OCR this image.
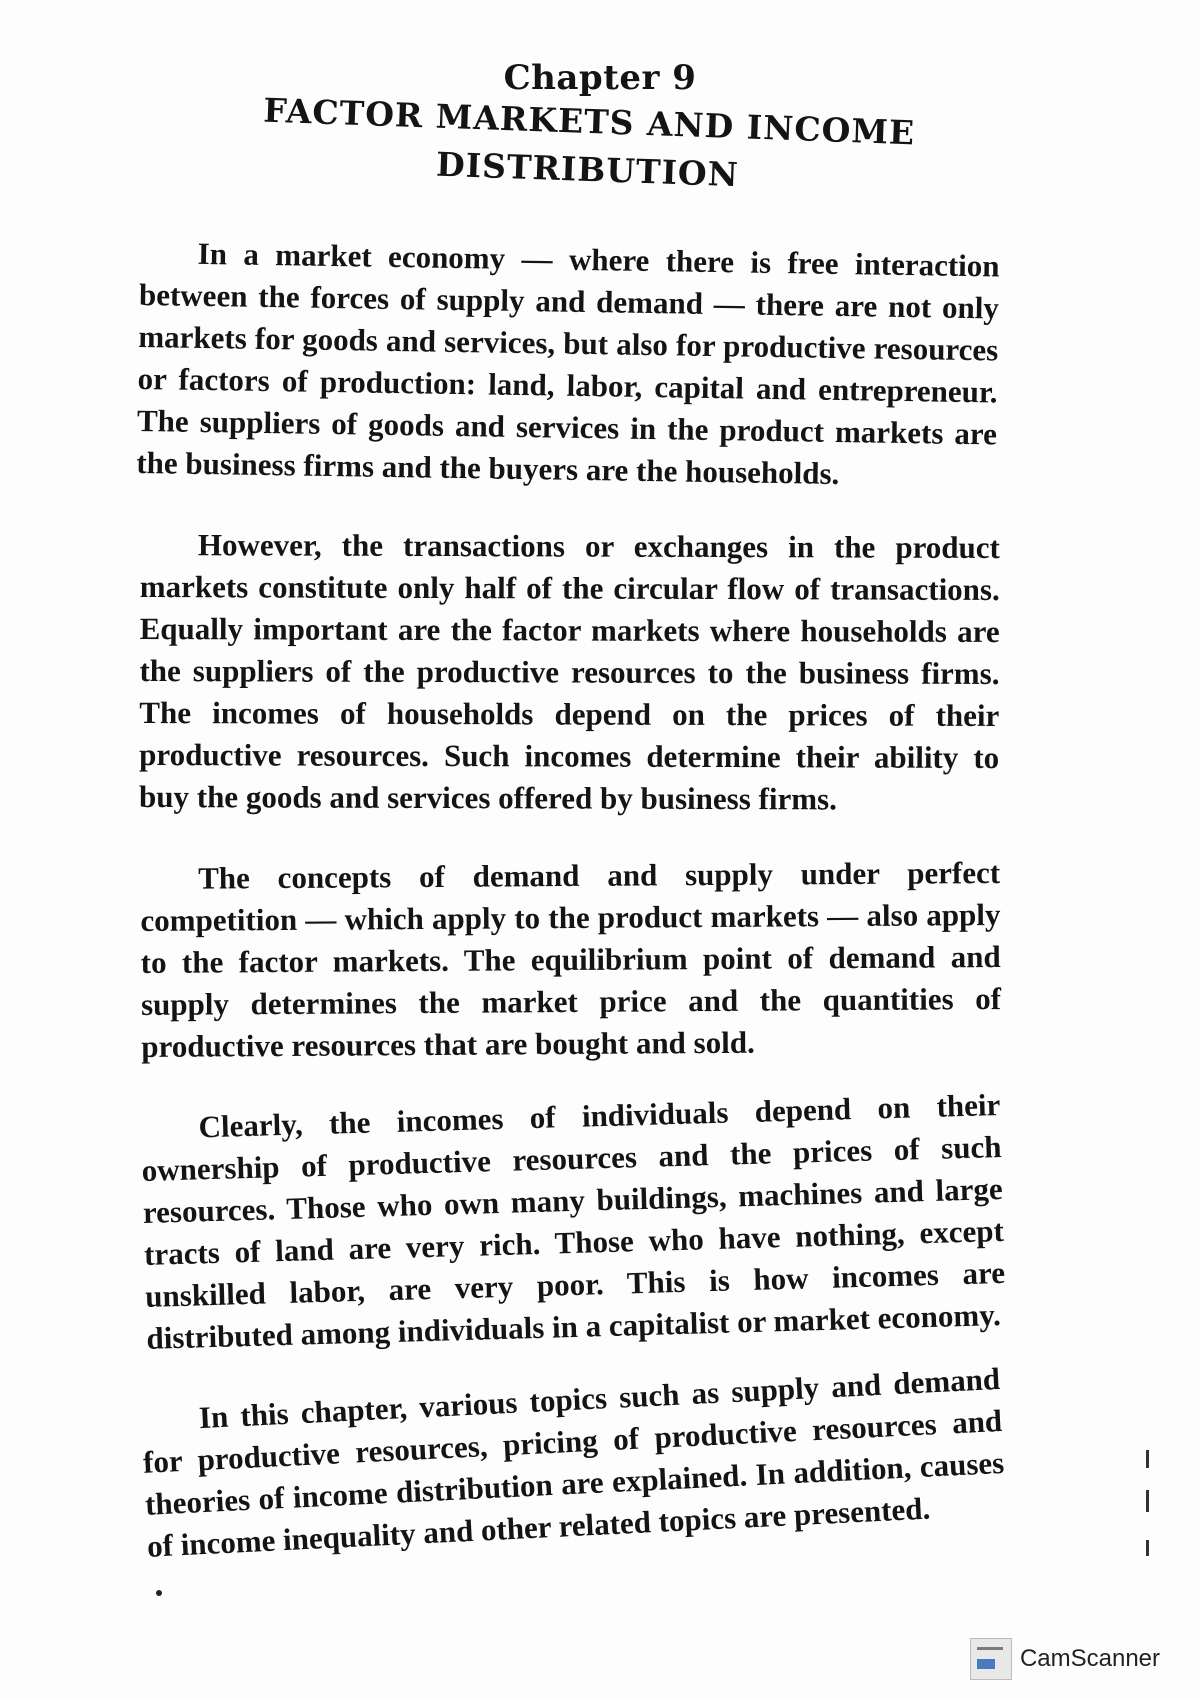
Chapter 9
FACTOR MARKETS AND INCOME DISTRIBUTION

In a market economy — where there is free interaction between the forces of supply and demand — there are not only markets for goods and services, but also for productive resources or factors of production: land, labor, capital and entrepreneur. The suppliers of goods and services in the product markets are the business firms and the buyers are the households.

However, the transactions or exchanges in the product markets constitute only half of the circular flow of transactions. Equally important are the factor markets where households are the suppliers of the productive resources to the business firms. The incomes of households depend on the prices of their productive resources. Such incomes determine their ability to buy the goods and services offered by business firms.

The concepts of demand and supply under perfect competition — which apply to the product markets — also apply to the factor markets. The equilibrium point of demand and supply determines the market price and the quantities of productive resources that are bought and sold.

Clearly, the incomes of individuals depend on their ownership of productive resources and the prices of such resources. Those who own many buildings, machines and large tracts of land are very rich. Those who have nothing, except unskilled labor, are very poor. This is how incomes are distributed among individuals in a capitalist or market economy.

In this chapter, various topics such as supply and demand for productive resources, pricing of productive resources and theories of income distribution are explained. In addition, causes of income inequality and other related topics are presented.

CamScanner
